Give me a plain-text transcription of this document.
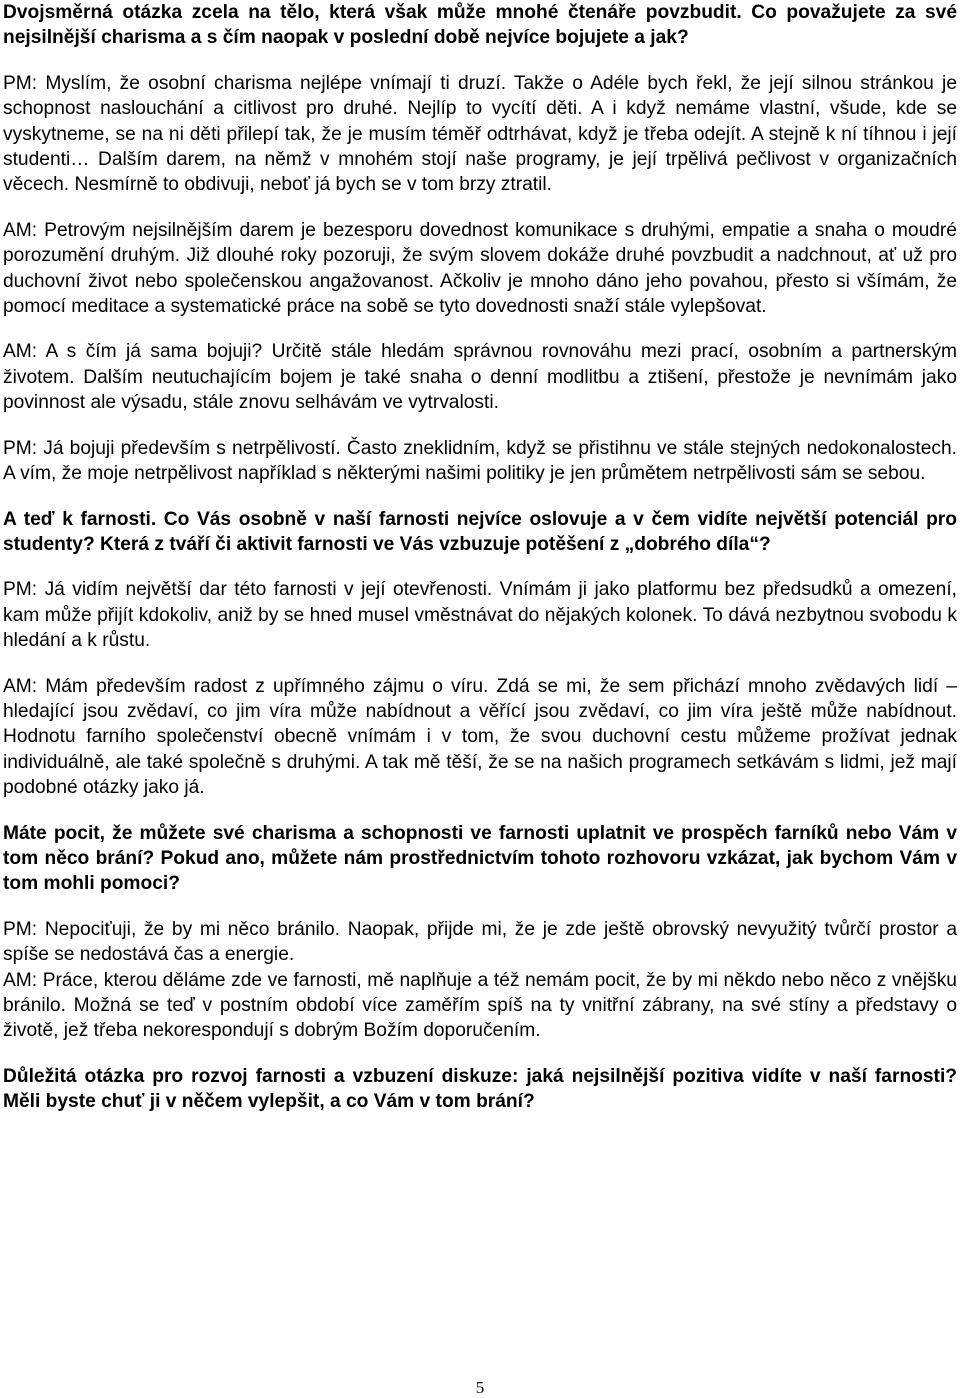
Dvojsměrná otázka zcela na tělo, která však může mnohé čtenáře povzbudit. Co považujete za své nejsilnější charisma a s čím naopak v poslední době nejvíce bojujete a jak?

PM: Myslím, že osobní charisma nejlépe vnímají ti druzí. Takže o Adéle bych řekl, že její silnou stránkou je schopnost naslouchání a citlivost pro druhé. Nejlíp to vycítí děti. A i když nemáme vlastní, všude, kde se vyskytneme, se na ni děti přilepí tak, že je musím téměř odtrhávat, když je třeba odejít. A stejně k ní tíhnou i její studenti… Dalším darem, na němž v mnohém stojí naše programy, je její trpělivá pečlivost v organizačních věcech. Nesmírně to obdivuji, neboť já bych se v tom brzy ztratil.

AM: Petrovým nejsilnějším darem je bezesporu dovednost komunikace s druhými, empatie a snaha o moudré porozumění druhým. Již dlouhé roky pozoruji, že svým slovem dokáže druhé povzbudit a nadchnout, ať už pro duchovní život nebo společenskou angažovanost. Ačkoliv je mnoho dáno jeho povahou, přesto si všímám, že pomocí meditace a systematické práce na sobě se tyto dovednosti snaží stále vylepšovat.

AM: A s čím já sama bojuji? Určitě stále hledám správnou rovnováhu mezi prací, osobním a partnerským životem. Dalším neutuchajícím bojem je také snaha o denní modlitbu a ztišení, přestože je nevnímám jako povinnost ale výsadu, stále znovu selhávám ve vytrvalosti.

PM: Já bojuji především s netrpělivostí. Často zneklidním, když se přistihnu ve stále stejných nedokonalostech. A vím, že moje netrpělivost například s některými našimi politiky je jen průmětem netrpělivosti sám se sebou.

A teď k farnosti. Co Vás osobně v naší farnosti nejvíce oslovuje a v čem vidíte největší potenciál pro studenty? Která z tváří či aktivit farnosti ve Vás vzbuzuje potěšení z „dobrého díla“?

PM: Já vidím největší dar této farnosti v její otevřenosti. Vnímám ji jako platformu bez předsudků a omezení, kam může přijít kdokoliv, aniž by se hned musel vměstnávat do nějakých kolonek. To dává nezbytnou svobodu k hledání a k růstu.

AM: Mám především radost z upřímného zájmu o víru. Zdá se mi, že sem přichází mnoho zvědavých lidí – hledající jsou zvědaví, co jim víra může nabídnout a věřící jsou zvědaví, co jim víra ještě může nabídnout. Hodnotu farního společenství obecně vnímám i v tom, že svou duchovní cestu můžeme prožívat jednak individuálně, ale také společně s druhými. A tak mě těší, že se na našich programech setkávám s lidmi, jež mají podobné otázky jako já.

Máte pocit, že můžete své charisma a schopnosti ve farnosti uplatnit ve prospěch farníků nebo Vám v tom něco brání? Pokud ano, můžete nám prostřednictvím tohoto rozhovoru vzkázat, jak bychom Vám v tom mohli pomoci?

PM: Nepociťuji, že by mi něco bránilo. Naopak, přijde mi, že je zde ještě obrovský nevyužitý tvůrčí prostor a spíše se nedostává čas a energie.

AM: Práce, kterou děláme zde ve farnosti, mě naplňuje a též nemám pocit, že by mi někdo nebo něco z vnějšku bránilo. Možná se teď v postním období více zaměřím spíš na ty vnitřní zábrany, na své stíny a představy o životě, jež třeba nekorespondují s dobrým Božím doporučením.

Důležitá otázka pro rozvoj farnosti a vzbuzení diskuze: jaká nejsilnější pozitiva vidíte v naší farnosti? Měli byste chuť ji v něčem vylepšit, a co Vám v tom brání?

5
